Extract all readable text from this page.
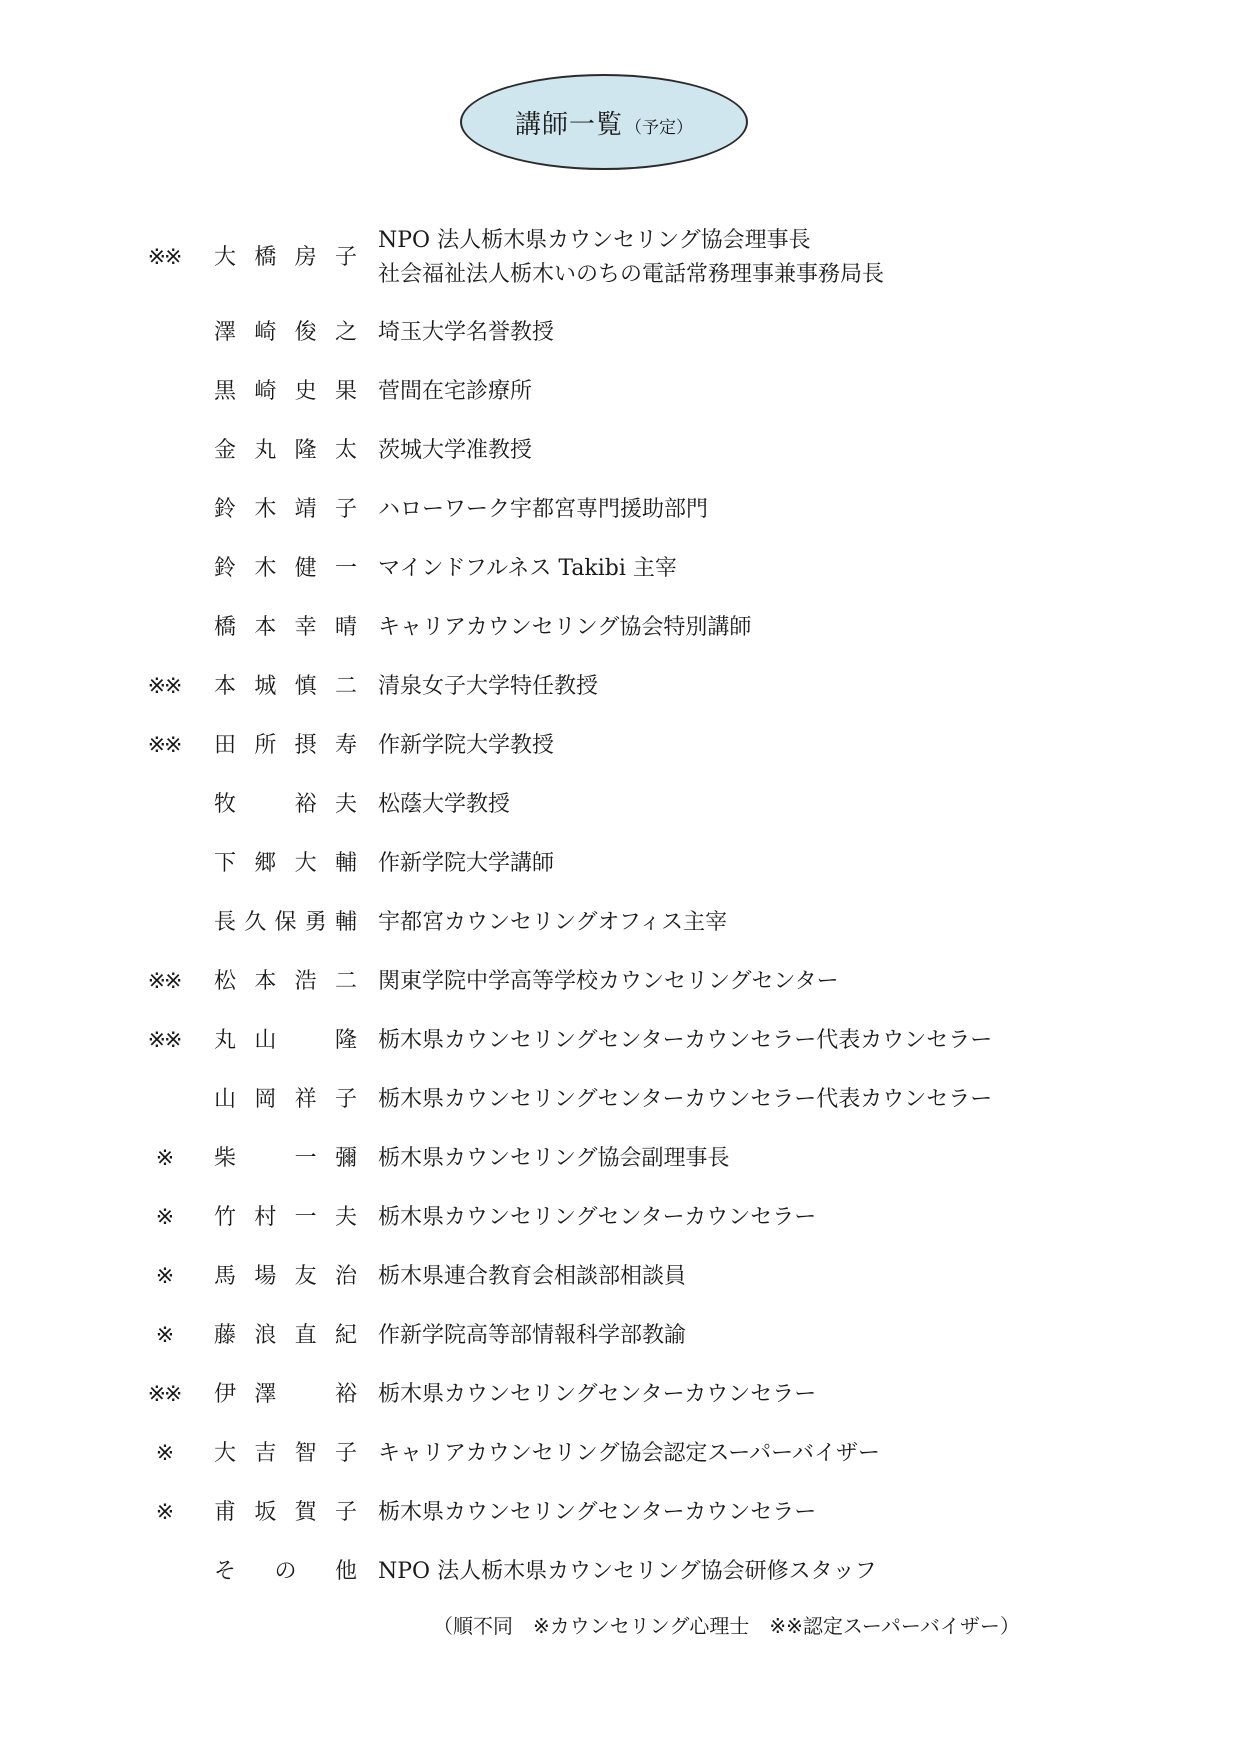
講師一覧 （予定）
※※	大 橋 房 子
NPO 法人栃木県カウンセリング協会理事長
社会福祉法人栃木いのちの電話常務理事兼事務局長
澤 崎 俊 之 埼玉大学名誉教授
黒 崎 史 果 菅間在宅診療所
金 丸 隆 太 茨城大学准教授
鈴 木 靖 子 ハローワーク宇都宮専門援助部門
鈴 木 健 一 マインドフルネス Takibi 主宰
橋 本 幸 晴 キャリアカウンセリング協会特別講師
※※	本 城 慎 二 清泉女子大学特任教授
※※	田 所 摂 寿 作新学院大学教授
牧	裕 夫 松蔭大学教授
下 郷 大 輔 作新学院大学講師
長 久 保 勇 輔 宇都宮カウンセリングオフィス主宰
※※	松 本 浩 二 関東学院中学高等学校カウンセリングセンター
※※	丸 山	隆 栃木県カウンセリングセンターカウンセラー代表カウンセラー
山 岡 祥 子 栃木県カウンセリングセンターカウンセラー代表カウンセラー
※	柴	一 彌 栃木県カウンセリング協会副理事長
※	竹 村 一 夫 栃木県カウンセリングセンターカウンセラー
※	馬 場 友 治 栃木県連合教育会相談部相談員
※	藤 浪 直 紀 作新学院高等部情報科学部教諭
※※	伊 澤	裕 栃木県カウンセリングセンターカウンセラー
※	大 吉 智 子 キャリアカウンセリング協会認定スーパーバイザー
※	甫 坂 賀 子 栃木県カウンセリングセンターカウンセラー
そ の 他 NPO 法人栃木県カウンセリング協会研修スタッフ
（順不同　※カウンセリング心理士　※※認定スーパーバイザー）
